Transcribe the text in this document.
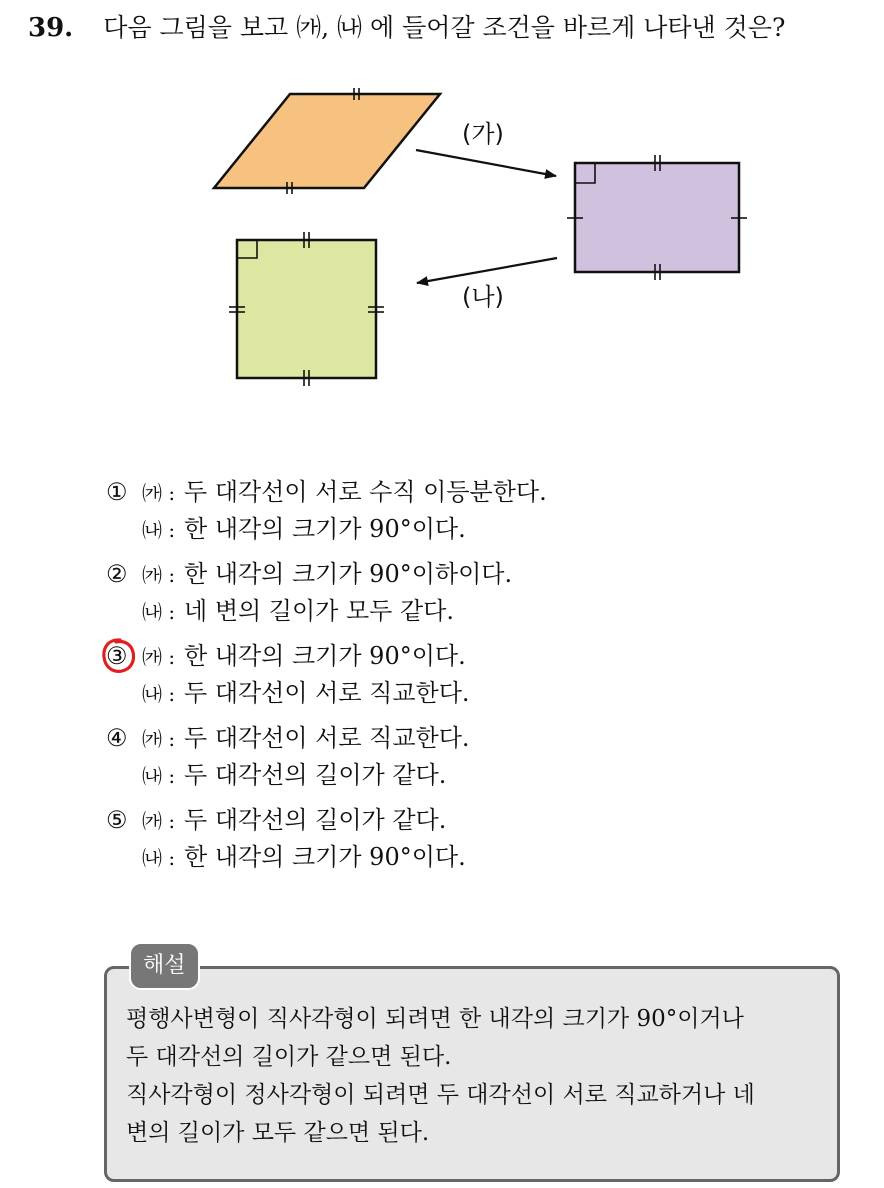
39. 다음 그림을 보고 ㈎, ㈏ 에 들어갈 조건을 바르게 나타낸 것은?
(가)
(나)
① ㈎ : 두 대각선이 서로 수직 이등분한다.
㈏ : 한 내각의 크기가 90°이다.
② ㈎ : 한 내각의 크기가 90°이하이다.
㈏ : 네 변의 길이가 모두 같다.
③ ㈎ : 한 내각의 크기가 90°이다.
㈏ : 두 대각선이 서로 직교한다.
④ ㈎ : 두 대각선이 서로 직교한다.
㈏ : 두 대각선의 길이가 같다.
⑤ ㈎ : 두 대각선의 길이가 같다.
㈏ : 한 내각의 크기가 90°이다.
해설

평행사변형이 직사각형이 되려면 한 내각의 크기가 90°이거나

두 대각선의 길이가 같으면 된다.

직사각형이 정사각형이 되려면 두 대각선이 서로 직교하거나 네

변의 길이가 모두 같으면 된다.
